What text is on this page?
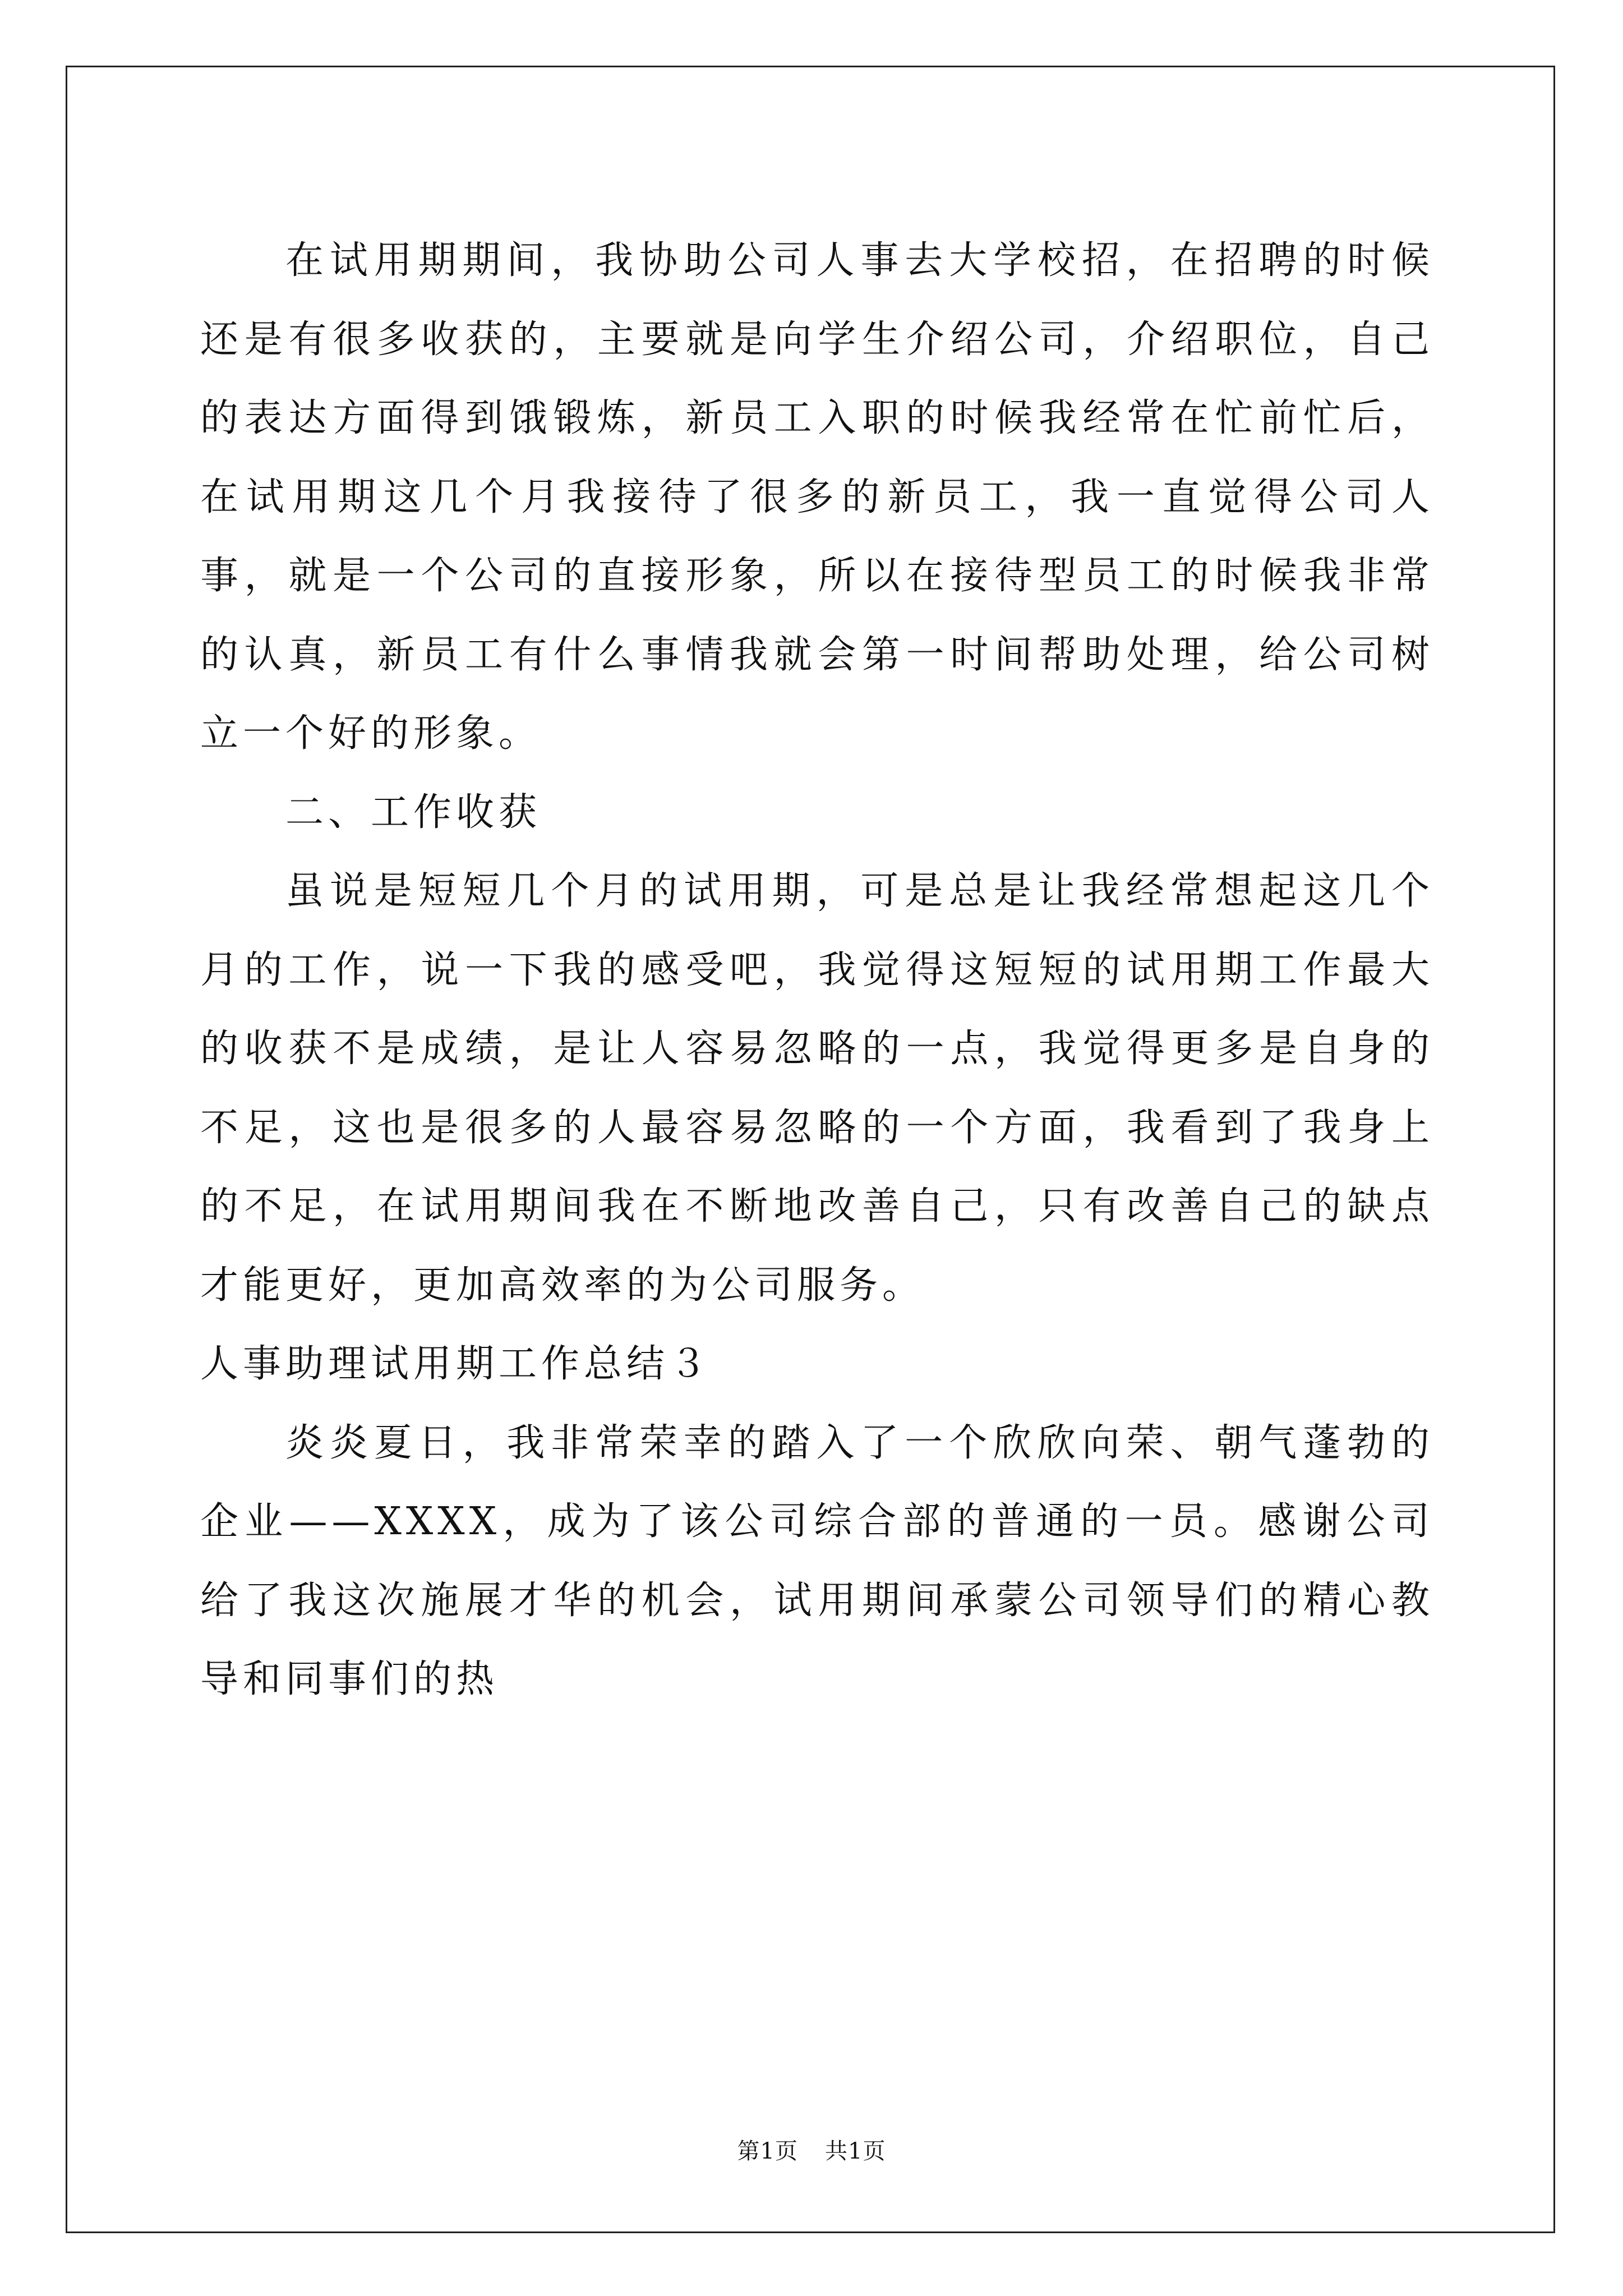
在试用期期间，我协助公司人事去大学校招，在招聘的时候还是有很多收获的，主要就是向学生介绍公司，介绍职位，自己的表达方面得到饿锻炼，新员工入职的时候我经常在忙前忙后，在试用期这几个月我接待了很多的新员工，我一直觉得公司人事，就是一个公司的直接形象，所以在接待型员工的时候我非常的认真，新员工有什么事情我就会第一时间帮助处理，给公司树立一个好的形象。

二、工作收获

虽说是短短几个月的试用期，可是总是让我经常想起这几个月的工作，说一下我的感受吧，我觉得这短短的试用期工作最大的收获不是成绩，是让人容易忽略的一点，我觉得更多是自身的不足，这也是很多的人最容易忽略的一个方面，我看到了我身上的不足，在试用期间我在不断地改善自己，只有改善自己的缺点才能更好，更加高效率的为公司服务。

人事助理试用期工作总结３

炎炎夏日，我非常荣幸的踏入了一个欣欣向荣、朝气蓬勃的企业——XXXX，成为了该公司综合部的普通的一员。感谢公司给了我这次施展才华的机会，试用期间承蒙公司领导们的精心教导和同事们的热

第1页 共1页
